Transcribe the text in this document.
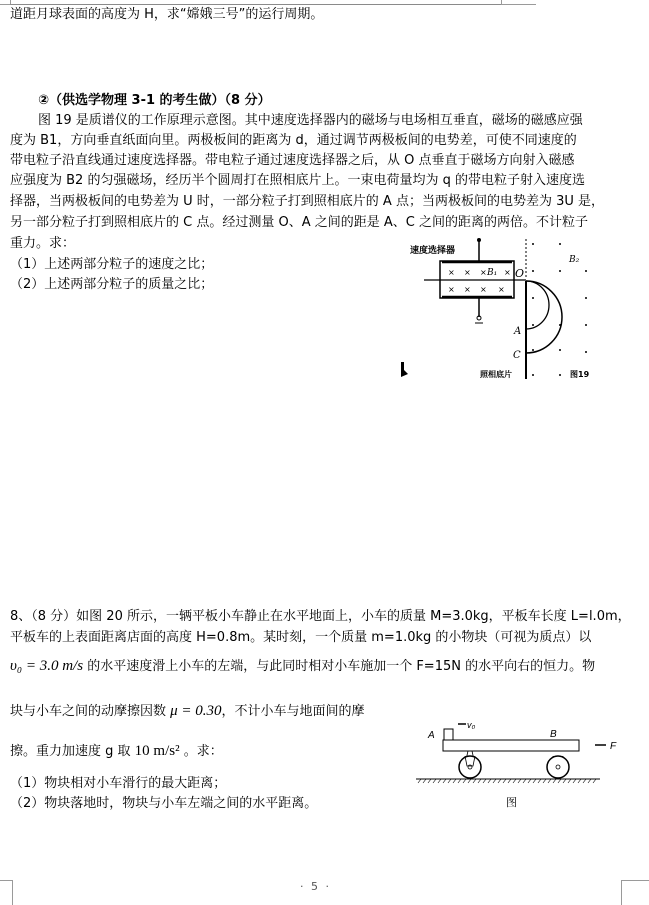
道距月球表面的高度为 H，求“嫦娥三号”的运行周期。
②（供选学物理 3-1 的考生做）（8 分）
图 19 是质谱仪的工作原理示意图。其中速度选择器内的磁场与电场相互垂直，磁场的磁感应强
度为 B1，方向垂直纸面向里。两极板间的距离为 d，通过调节两极板间的电势差，可使不同速度的
带电粒子沿直线通过速度选择器。带电粒子通过速度选择器之后，从 O 点垂直于磁场方向射入磁感
应强度为 B2 的匀强磁场，经历半个圆周打在照相底片上。一束电荷量均为 q 的带电粒子射入速度选
择器，当两极板间的电势差为 U 时，一部分粒子打到照相底片的 A 点；当两极板间的电势差为 3U 是，
另一部分粒子打到照相底片的 C 点。经过测量 O、A 之间的距是 A、C 之间的距离的两倍。不计粒子
重力。求：
（1）上述两部分粒子的速度之比；
（2）上述两部分粒子的质量之比；
速度选择器
× × × ×
× × × ×
B₁ O
A
C
B₂
照相底片	图19
8、（8 分）如图 20 所示，一辆平板小车静止在水平地面上，小车的质量 M=3.0kg，平板车长度 L=l.0m，
平板车的上表面距离店面的高度 H=0.8m。某时刻，一个质量 m=1.0kg 的小物块（可视为质点）以
υ₀ = 3.0 m/s 的水平速度滑上小车的左端，与此同时相对小车施加一个 F=15N 的水平向右的恒力。物
块与小车之间的动摩擦因数 μ = 0.30，不计小车与地面间的摩
擦。重力加速度 g 取 10 m/s² 。求：
（1）物块相对小车滑行的最大距离；
（2）物块落地时，物块与小车左端之间的水平距离。
A
v₀
B
F
图
· 5 ·
